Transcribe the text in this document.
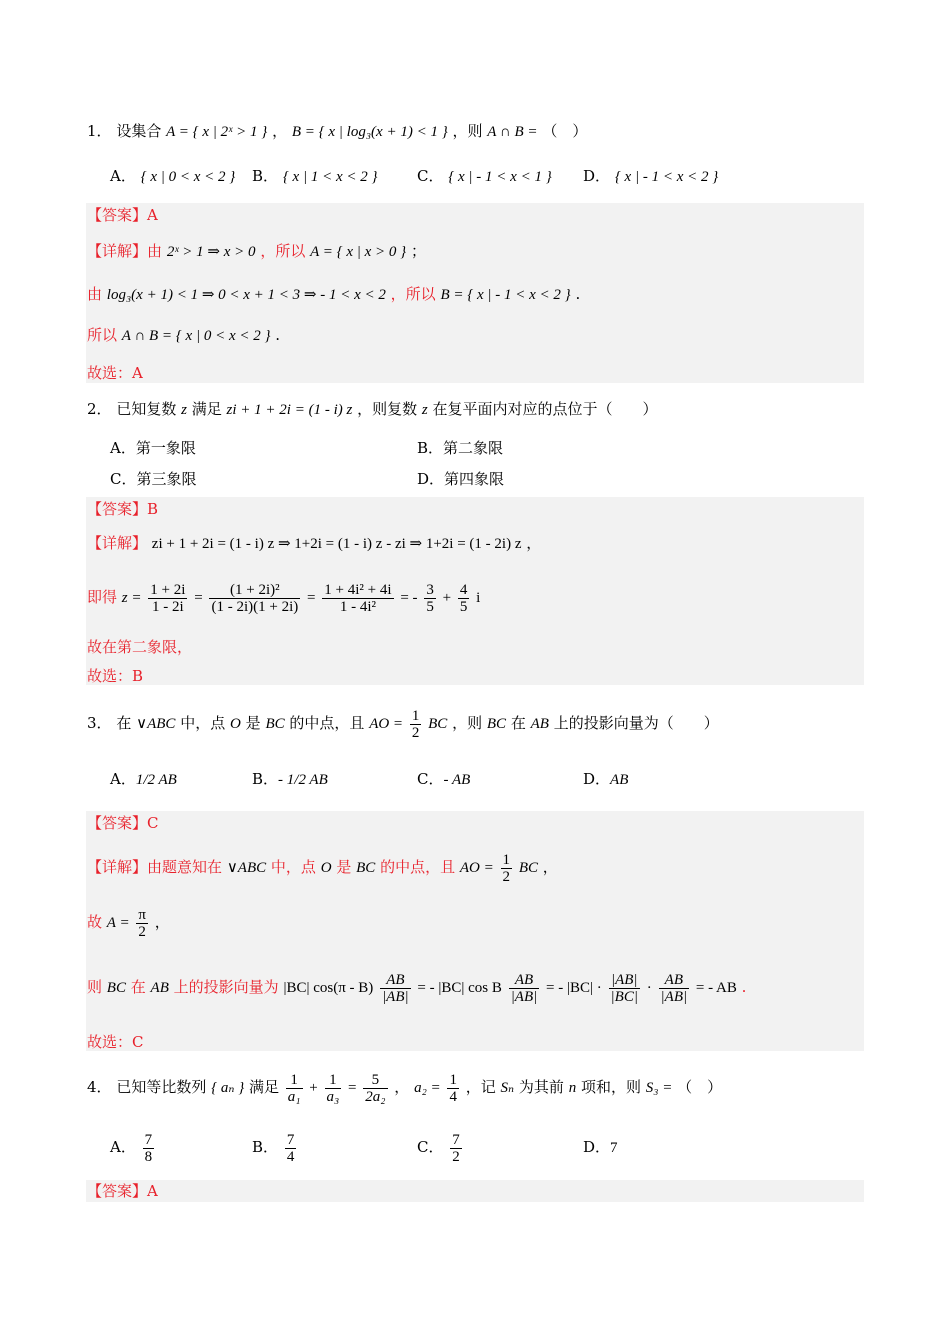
1． 设集合 A = { x | 2ˣ > 1 } ， B = { x | log₃(x + 1) < 1 } ，则 A ∩ B = （　）
A． { x | 0 < x < 2 } B． { x | 1 < x < 2 }	C． { x | - 1 < x < 1 } D． { x | - 1 < x < 2 }
【答案】A
【详解】由 2ˣ > 1 ⇒ x > 0 ，所以 A = { x | x > 0 } ；
由 log₃(x + 1) < 1 ⇒ 0 < x + 1 < 3 ⇒ - 1 < x < 2 ，所以 B = { x | - 1 < x < 2 } .
所以 A ∩ B = { x | 0 < x < 2 } .
故选：A
2． 已知复数 z 满足 zi + 1 + 2i = (1 - i) z ，则复数 z 在复平面内对应的点位于（　　）
A．第一象限	B．第二象限
C．第三象限	D．第四象限
【答案】B
【详解】 zi + 1 + 2i = (1 - i) z ⇒ 1+2i = (1 - i) z - zi ⇒ 1+2i = (1 - 2i) z ，
即得 $z = \frac{1 + 2i}{1 - 2i} = \frac{\text{(1 + 2i)²}}{(1 - 2i)(1 + 2i)} = \frac{\text{1 + 4i² + 4i}}{\text{1 - 4i²}}$ = - $\frac{3}{5} + \frac{4}{5}$ i
故在第二象限，
故选：B
3． 在 ∨ABC 中，点 O 是 BC 的中点，且 AO = $\frac{1}{2}$ BC ，则 BC 在 AB 上的投影向量为（　　）
A．1/2 AB	B．- 1/2 AB	C．- AB	D．AB
【答案】C
【详解】由题意知在 ∨ABC 中，点 O 是 BC 的中点，且 AO = $\frac{1}{2}$ BC ，
故 $A = \frac{\pi}{2}$ ，
则 BC 在 AB 上的投影向量为 |BC| $\cos(\pi - B) \frac{AB}{|AB|}$ = - |BC| cos B $\frac{AB}{|AB|}$ = - $|BC| \cdot \frac{|AB|}{|BC|} \cdot \frac{AB}{|AB|}$ = - AB .
故选：C
4． 已知等比数列 { aₙ } 满足 $\frac{1}{\text{a₁}} + \frac{1}{\text{a₃}} = \frac{5}{\text{2a₂}}$ ， $a_2 = \frac{1}{4}$ ，记 Sₙ 为其前 n 项和，则 S₃ = （　）
A． $\frac{7}{8}$	B． $\frac{7}{4}$	C． $\frac{7}{2}$	D．7
【答案】A
